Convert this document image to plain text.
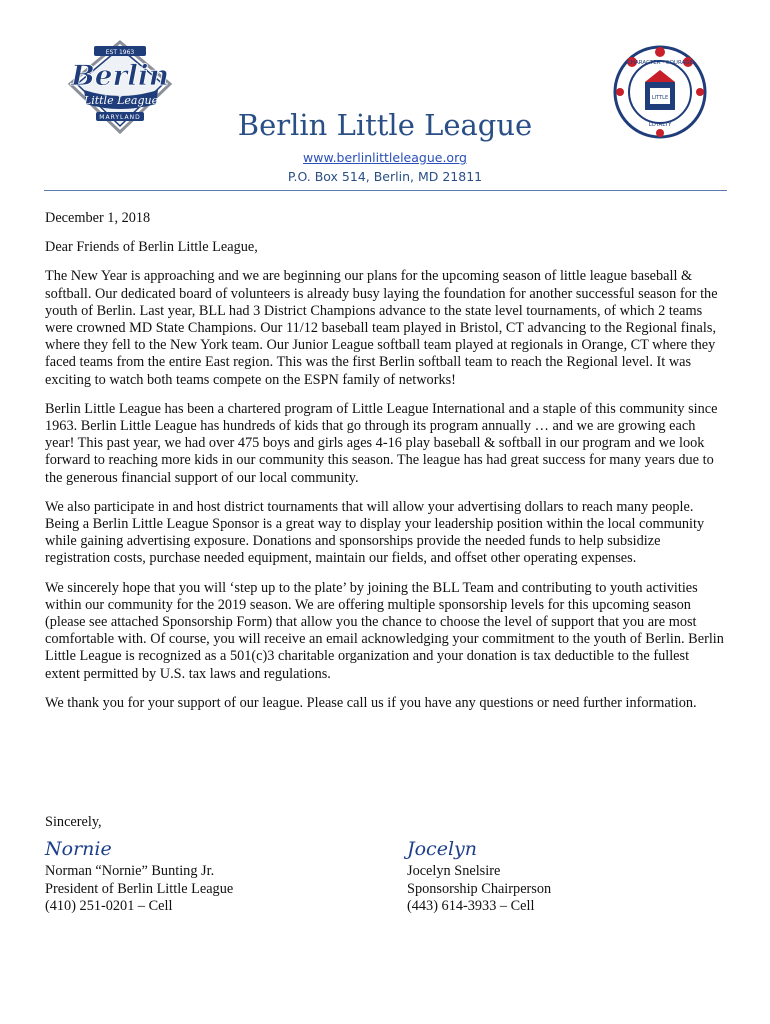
EST 1963
Berlin
Little League
MARYLAND
LITTLE
CHARACTER · COURAGE
LOYALTY
Berlin Little League
www.berlinlittleleague.org
P.O. Box 514, Berlin, MD 21811

December 1, 2018

Dear Friends of Berlin Little League,

The New Year is approaching and we are beginning our plans for the upcoming season of little league baseball & softball. Our dedicated board of volunteers is already busy laying the foundation for another successful season for the youth of Berlin. Last year, BLL had 3 District Champions advance to the state level tournaments, of which 2 teams were crowned MD State Champions. Our 11/12 baseball team played in Bristol, CT advancing to the Regional finals, where they fell to the New York team. Our Junior League softball team played at regionals in Orange, CT where they faced teams from the entire East region. This was the first Berlin softball team to reach the Regional level. It was exciting to watch both teams compete on the ESPN family of networks!

Berlin Little League has been a chartered program of Little League International and a staple of this community since 1963. Berlin Little League has hundreds of kids that go through its program annually … and we are growing each year! This past year, we had over 475 boys and girls ages 4-16 play baseball & softball in our program and we look forward to reaching more kids in our community this season. The league has had great success for many years due to the generous financial support of our local community.

We also participate in and host district tournaments that will allow your advertising dollars to reach many people. Being a Berlin Little League Sponsor is a great way to display your leadership position within the local community while gaining advertising exposure. Donations and sponsorships provide the needed funds to help subsidize registration costs, purchase needed equipment, maintain our fields, and offset other operating expenses.

We sincerely hope that you will ‘step up to the plate’ by joining the BLL Team and contributing to youth activities within our community for the 2019 season. We are offering multiple sponsorship levels for this upcoming season (please see attached Sponsorship Form) that allow you the chance to choose the level of support that you are most comfortable with. Of course, you will receive an email acknowledging your commitment to the youth of Berlin. Berlin Little League is recognized as a 501(c)3 charitable organization and your donation is tax deductible to the fullest extent permitted by U.S. tax laws and regulations.

We thank you for your support of our league. Please call us if you have any questions or need further information.

Sincerely,
Nornie	Jocelyn
Norman “Nornie” Bunting Jr.
President of Berlin Little League
(410) 251-0201 – Cell
Jocelyn Snelsire
Sponsorship Chairperson
(443) 614-3933 – Cell
